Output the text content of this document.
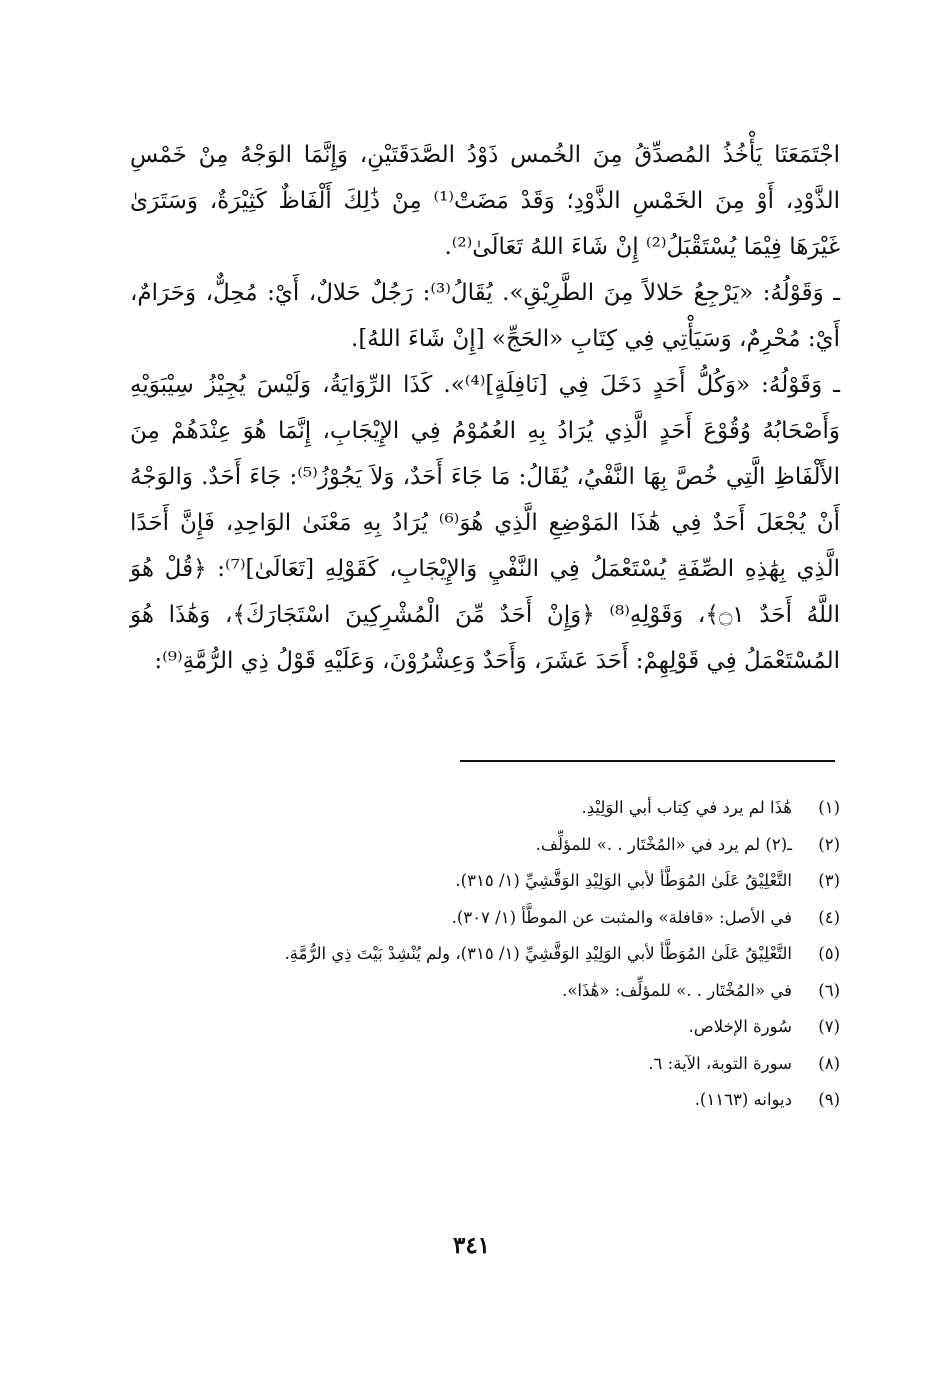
اجْتَمَعَتَا يَأْخُذُ المُصدِّقُ مِنَ الخُمس ذَوْدُ الصَّدَقَتَيْنِ، وَإِنَّمَا الوَجْهُ مِنْ خَمْسِ الذَّوْدِ، أَوْ مِنَ الخَمْسِ الذَّوْدِ؛ وَقَدْ مَضَتْ⁽¹⁾ مِنْ ذَٰلِكَ أَلْفَاظٌ كَثِيْرَةٌ، وَسَتَرَىٰ غَيْرَهَا فِيْمَا يُسْتَقْبَلُ⁽²⁾ إِنْ شَاءَ اللهُ تَعَالَىٰ⁽²⁾.

ـ وَقَوْلُهُ: «يَرْجِعُ حَلالاً مِنَ الطَّرِيْقِ». يُقَالُ⁽³⁾: رَجُلٌ حَلالٌ، أَيْ: مُحِلٌّ، وَحَرَامٌ، أَيْ: مُحْرِمٌ، وَسَيَأْتِي فِي كِتَابِ «الحَجِّ» [إِنْ شَاءَ اللهُ].

ـ وَقَوْلُهُ: «وَكُلُّ أَحَدٍ دَخَلَ فِي [نَافِلَةٍ]⁽⁴⁾». كَذَا الرِّوَايَةُ، وَلَيْسَ يُجِيْزُ سِيْبَوَيْهِ وَأَصْحَابُهُ وُقُوْعَ أَحَدٍ الَّذِي يُرَادُ بِهِ العُمُوْمُ فِي الإِيْجَابِ، إِنَّمَا هُوَ عِنْدَهُمْ مِنَ الأَلْفَاظِ الَّتِي خُصَّ بِهَا النَّفْيُ، يُقَالُ: مَا جَاءَ أَحَدٌ، وَلاَ يَجُوْزُ⁽⁵⁾: جَاءَ أَحَدٌ. وَالوَجْهُ أَنْ يُجْعَلَ أَحَدٌ فِي هَٰذَا المَوْضِعِ الَّذِي هُوَ⁽⁶⁾ يُرَادُ بِهِ مَعْنَىٰ الوَاحِدِ، فَإِنَّ أَحَدًا الَّذِي بِهَٰذِهِ الصِّفَةِ يُسْتَعْمَلُ فِي النَّفْيِ وَالإِيْجَابِ، كَقَوْلِهِ [تَعَالَىٰ]⁽⁷⁾: ﴿قُلْ هُوَ اللَّهُ أَحَدٌ ۝١﴾، وَقَوْلِهِ⁽⁸⁾ ﴿وَإِنْ أَحَدٌ مِّنَ الْمُشْرِكِينَ اسْتَجَارَكَ﴾، وَهَٰذَا هُوَ المُسْتَعْمَلُ فِي قَوْلِهِمْ: أَحَدَ عَشَرَ، وَأَحَدٌ وَعِشْرُوْنَ، وَعَلَيْهِ قَوْلُ ذِي الرُّمَّةِ⁽⁹⁾:

(١)
هَٰذَا لم يرد في كِتاب أبي الوَلِيْدِ.
(٢)
ـ(٢) لم يرد في «المُخْتَار . .» للمؤلِّف.
(٣)
التَّعْلِيْقُ عَلَىٰ المُوَطَّأ لأبي الوَلِيْدِ الوَقَّشِيِّ (١/ ٣١٥).
(٤)
في الأصل: «قافلة» والمثبت عن الموطَّأ (١/ ٣٠٧).
(٥)
التَّعْلِيْقُ عَلَىٰ المُوَطَّأ لأبي الوَلِيْدِ الوَقَّشِيِّ (١/ ٣١٥)، ولم يُنْشِدْ بَيْتَ ذِي الرُّمَّةِ.
(٦)
في «المُخْتَار . .» للمؤلِّف: «هَٰذَا».
(٧)
سُورة الإخلاص.
(٨)
سورة التوبة، الآية: ٦.
(٩)
ديوانه (١١٦٣).
٣٤١
